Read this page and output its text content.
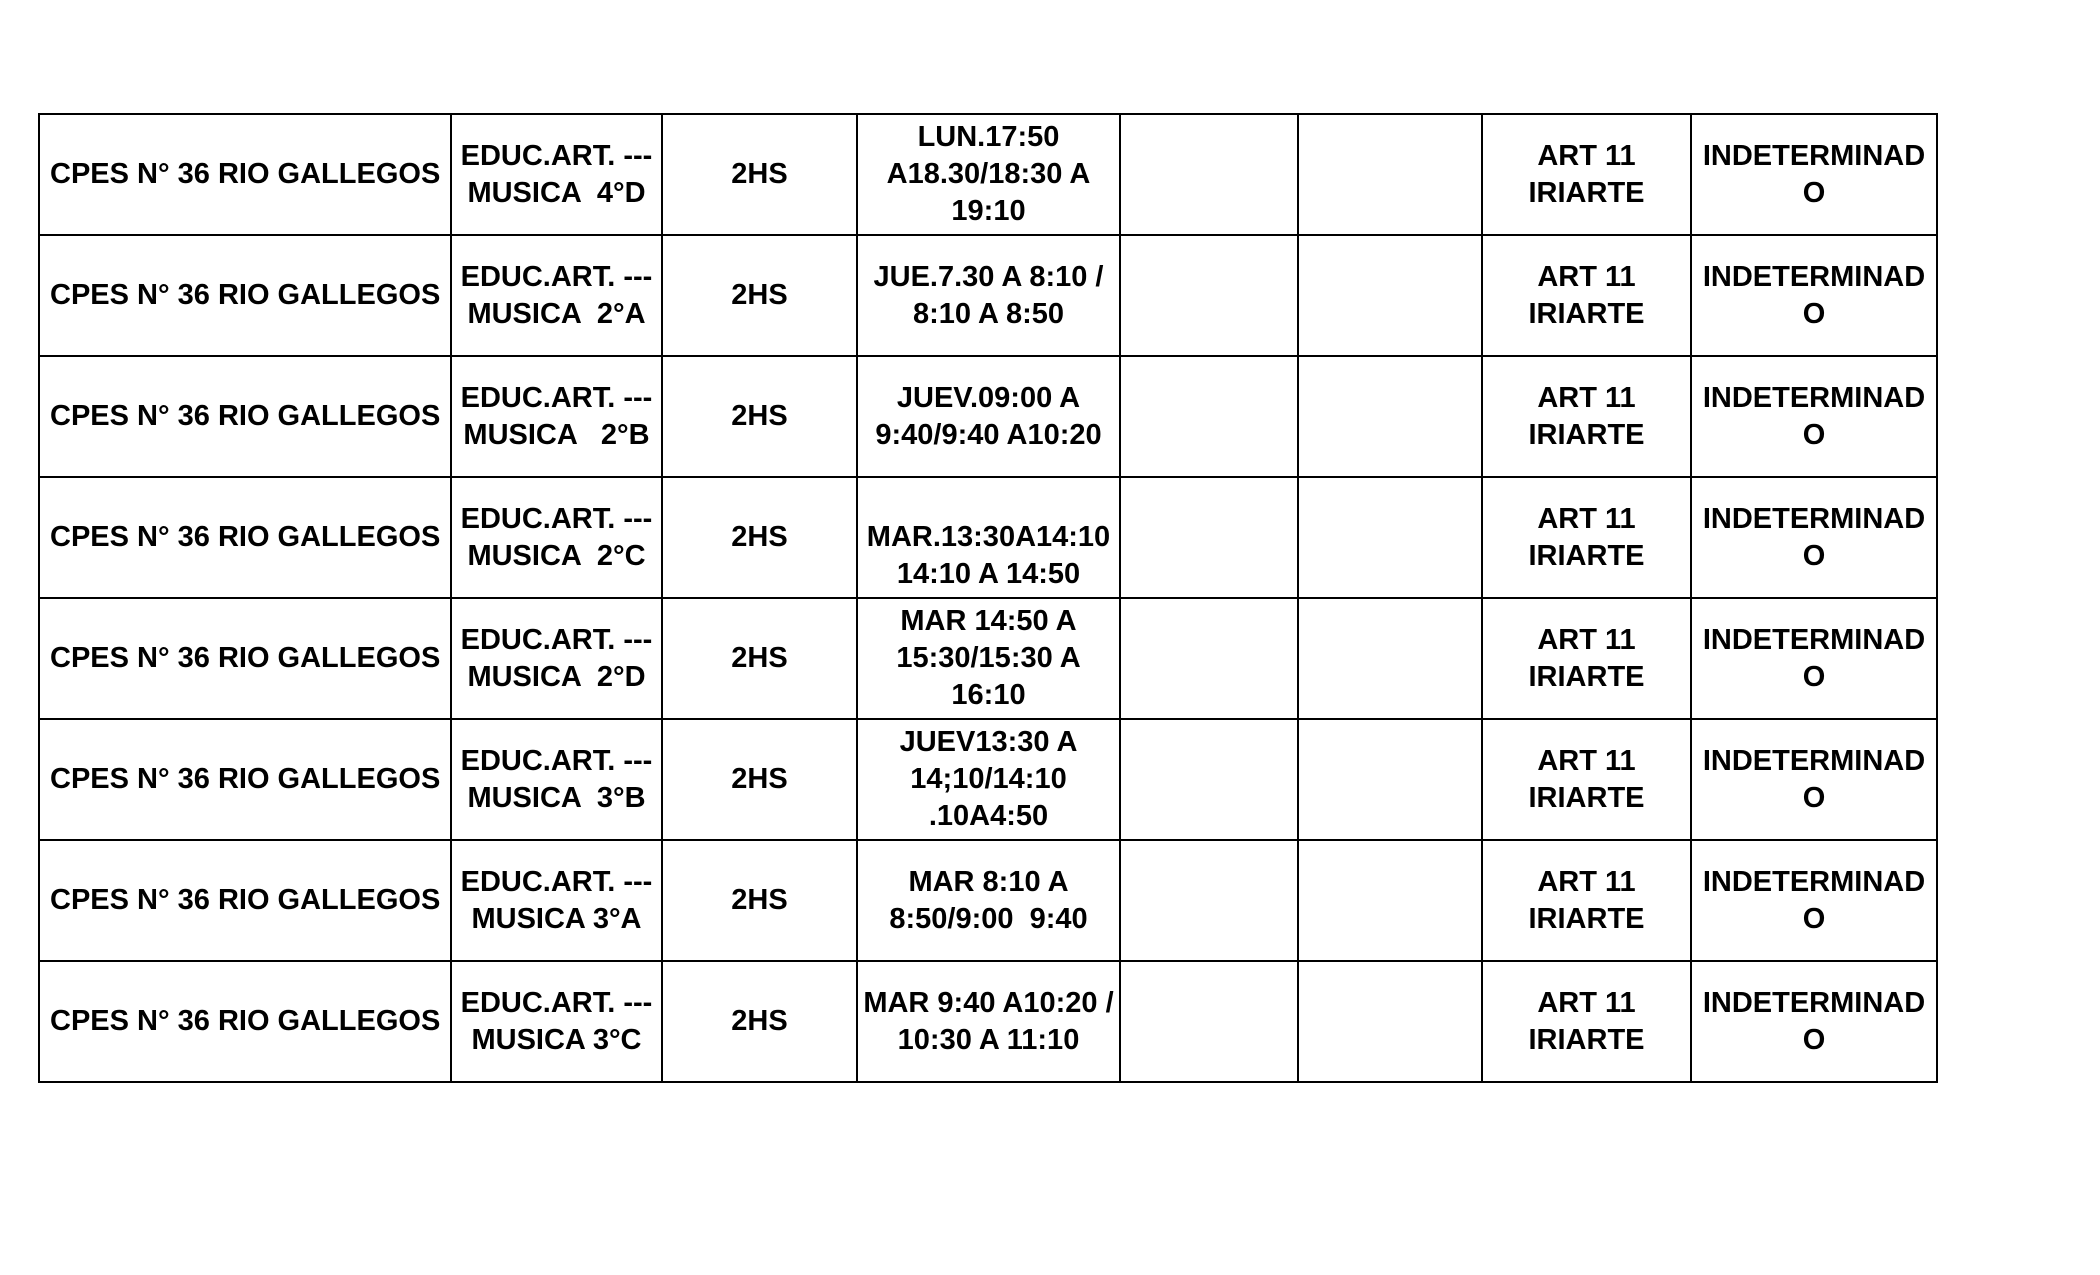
CPES N° 36 RIO GALLEGOS	EDUC.ART. ---
MUSICA  4°D	2HS	LUN.17:50
A18.30/18:30 A
19:10			ART 11
IRIARTE	INDETERMINAD
O
CPES N° 36 RIO GALLEGOS	EDUC.ART. ---
MUSICA  2°A	2HS	JUE.7.30 A 8:10 /
8:10 A 8:50			ART 11
IRIARTE	INDETERMINAD
O
CPES N° 36 RIO GALLEGOS	EDUC.ART. ---
MUSICA   2°B	2HS	JUEV.09:00 A
9:40/9:40 A10:20			ART 11
IRIARTE	INDETERMINAD
O
CPES N° 36 RIO GALLEGOS	EDUC.ART. ---
MUSICA  2°C	2HS	
MAR.13:30A14:10
14:10 A 14:50			ART 11
IRIARTE	INDETERMINAD
O
CPES N° 36 RIO GALLEGOS	EDUC.ART. ---
MUSICA  2°D	2HS	MAR 14:50 A
15:30/15:30 A
16:10			ART 11
IRIARTE	INDETERMINAD
O
CPES N° 36 RIO GALLEGOS	EDUC.ART. ---
MUSICA  3°B	2HS	JUEV13:30 A
14;10/14:10
.10A4:50			ART 11
IRIARTE	INDETERMINAD
O
CPES N° 36 RIO GALLEGOS	EDUC.ART. ---
MUSICA 3°A	2HS	MAR 8:10 A
8:50/9:00  9:40			ART 11
IRIARTE	INDETERMINAD
O
CPES N° 36 RIO GALLEGOS	EDUC.ART. ---
MUSICA 3°C	2HS	MAR 9:40 A10:20 /
10:30 A 11:10			ART 11
IRIARTE	INDETERMINAD
O
